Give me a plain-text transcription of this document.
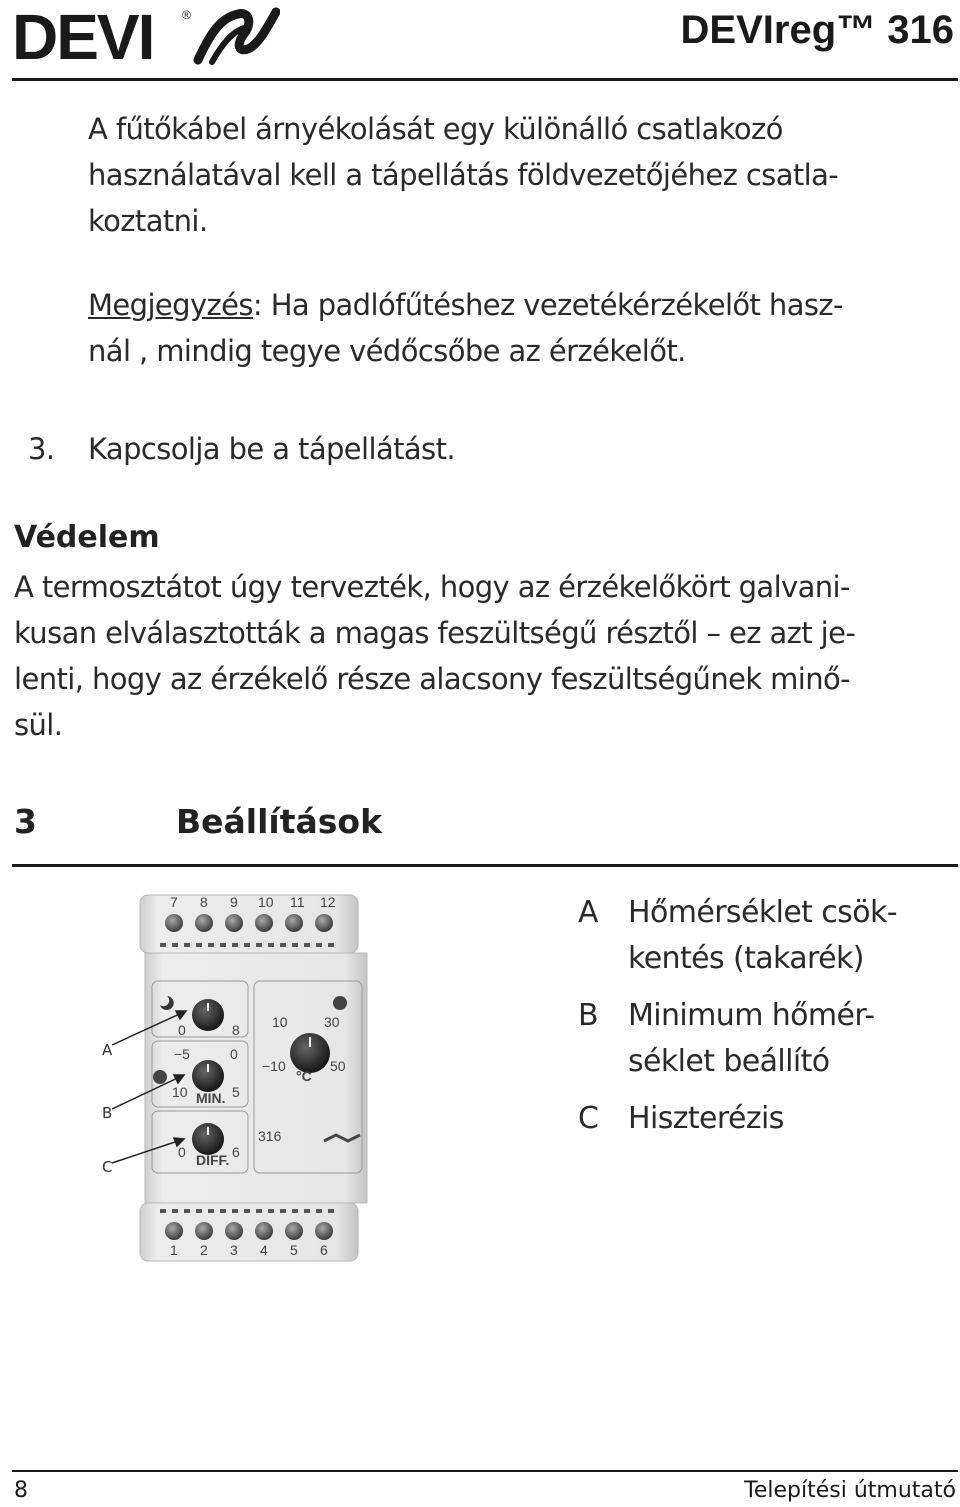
DEVI ®	DEVIreg™ 316
A fűtőkábel árnyékolását egy különálló csatlakozó
használatával kell a tápellátás földvezetőjéhez csatla-
koztatni.
Megjegyzés: Ha padlófűtéshez vezetékérzékelőt hasz-
nál , mindig tegye védőcsőbe az érzékelőt.
3. Kapcsolja be a tápellátást.
Védelem
A termosztátot úgy tervezték, hogy az érzékelőkört galvani-
kusan elválasztották a magas feszültségű résztől – ez azt je-
lenti, hogy az érzékelő része alacsony feszültségűnek minő-
sül.
3	Beállítások
7 8 9 10 11 12
0	8
−5	0
10	5
MIN.
0	6
DIFF.
10	30
−10	50
°C
316
1 2 3 4 5 6
A
B
C
A Hőmérséklet csök-
kentés (takarék)
B Minimum hőmér-
séklet beállító
C Hiszterézis
8	Telepítési útmutató
